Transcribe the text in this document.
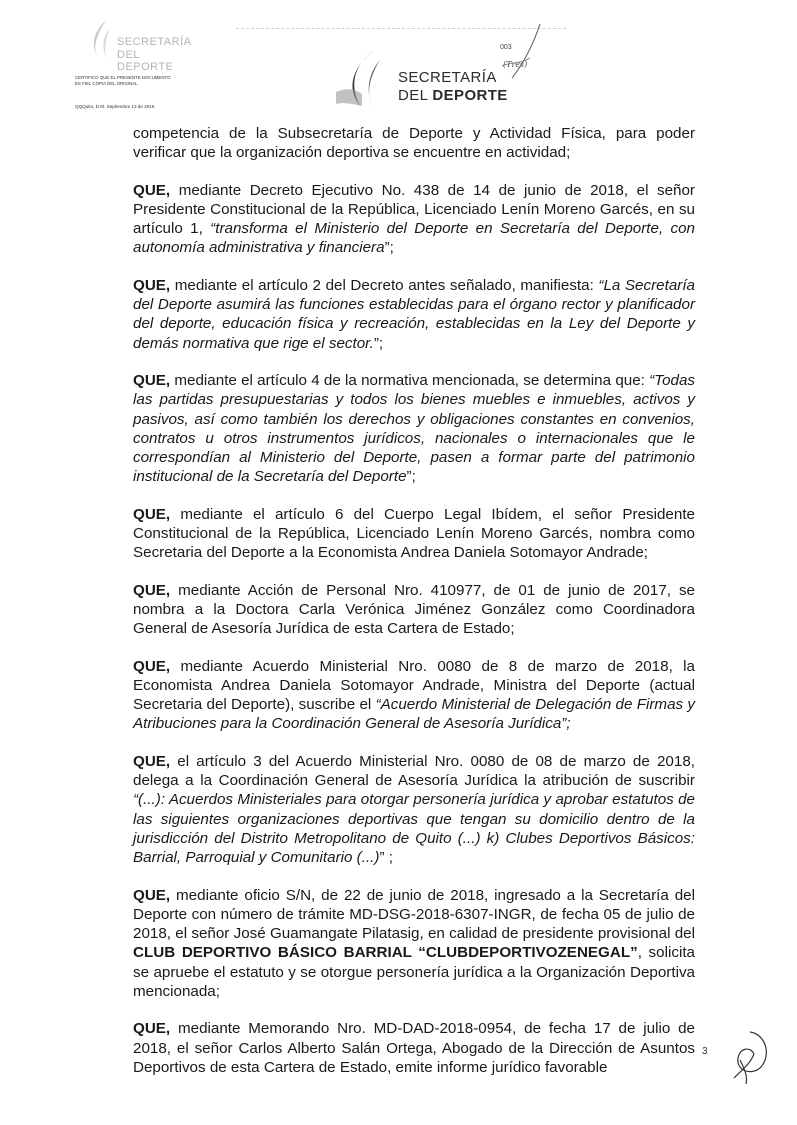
SECRETARÍA
DEL DEPORTE
CERTIFICO QUE EL PRESENTE DOCUMENTO ES FIEL COPIA DEL ORIGINAL
QQQuito, D.M. Septiembre 13 de 2018
SECRETARÍA
DEL DEPORTE
003
(Tres)

competencia de la Subsecretaría de Deporte y Actividad Física, para poder verificar que la organización deportiva se encuentre en actividad;

QUE, mediante Decreto Ejecutivo No. 438 de 14 de junio de 2018, el señor Presidente Constitucional de la República, Licenciado Lenín Moreno Garcés, en su artículo 1, “transforma el Ministerio del Deporte en Secretaría del Deporte, con autonomía administrativa y financiera”;

QUE, mediante el artículo 2 del Decreto antes señalado, manifiesta: “La Secretaría del Deporte asumirá las funciones establecidas para el órgano rector y planificador del deporte, educación física y recreación, establecidas en la Ley del Deporte y demás normativa que rige el sector.”;

QUE, mediante el artículo 4 de la normativa mencionada, se determina que: “Todas las partidas presupuestarias y todos los bienes muebles e inmuebles, activos y pasivos, así como también los derechos y obligaciones constantes en convenios, contratos u otros instrumentos jurídicos, nacionales o internacionales que le correspondían al Ministerio del Deporte, pasen a formar parte del patrimonio institucional de la Secretaría del Deporte”;

QUE, mediante el artículo 6 del Cuerpo Legal Ibídem, el señor Presidente Constitucional de la República, Licenciado Lenín Moreno Garcés, nombra como Secretaria del Deporte a la Economista Andrea Daniela Sotomayor Andrade;

QUE, mediante Acción de Personal Nro. 410977, de 01 de junio de 2017, se nombra a la Doctora Carla Verónica Jiménez González como Coordinadora General de Asesoría Jurídica de esta Cartera de Estado;

QUE, mediante Acuerdo Ministerial Nro. 0080 de 8 de marzo de 2018, la Economista Andrea Daniela Sotomayor Andrade, Ministra del Deporte (actual Secretaria del Deporte), suscribe el “Acuerdo Ministerial de Delegación de Firmas y Atribuciones para la Coordinación General de Asesoría Jurídica”;

QUE, el artículo 3 del Acuerdo Ministerial Nro. 0080 de 08 de marzo de 2018, delega a la Coordinación General de Asesoría Jurídica la atribución de suscribir “(...): Acuerdos Ministeriales para otorgar personería jurídica y aprobar estatutos de las siguientes organizaciones deportivas que tengan su domicilio dentro de la jurisdicción del Distrito Metropolitano de Quito (...) k) Clubes Deportivos Básicos: Barrial, Parroquial y Comunitario (...)” ;

QUE, mediante oficio S/N, de 22 de junio de 2018, ingresado a la Secretaría del Deporte con número de trámite MD-DSG-2018-6307-INGR, de fecha 05 de julio de 2018, el señor José Guamangate Pilatasig, en calidad de presidente provisional del CLUB DEPORTIVO BÁSICO BARRIAL “CLUBDEPORTIVOZENEGAL”, solicita se apruebe el estatuto y se otorgue personería jurídica a la Organización Deportiva mencionada;

QUE, mediante Memorando Nro. MD-DAD-2018-0954, de fecha 17 de julio de 2018, el señor Carlos Alberto Salán Ortega, Abogado de la Dirección de Asuntos Deportivos de esta Cartera de Estado, emite informe jurídico favorable

3
